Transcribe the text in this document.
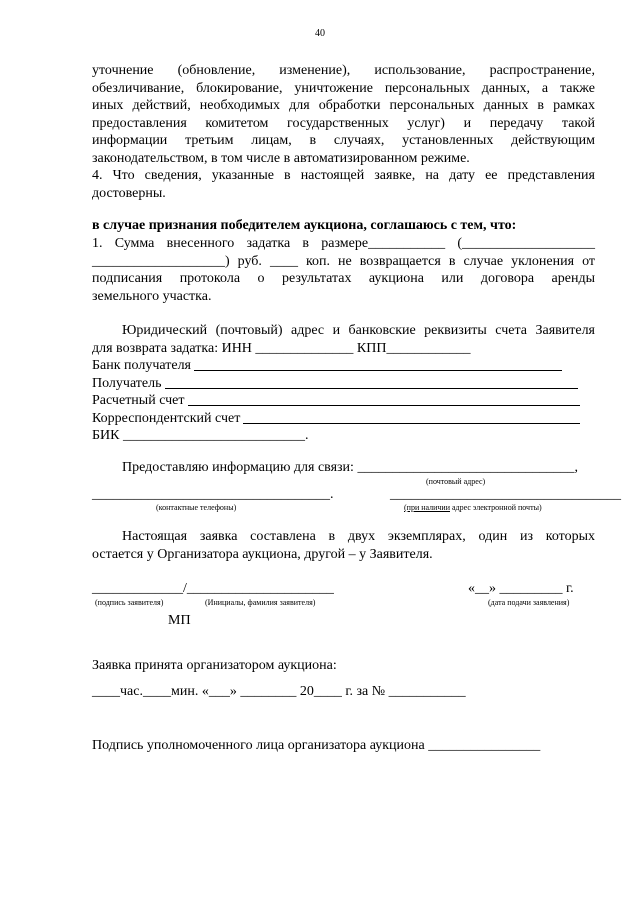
40
уточнение (обновление, изменение), использование, распространение,
обезличивание, блокирование, уничтожение персональных данных, а также
иных действий, необходимых для обработки персональных данных в рамках
предоставления комитетом государственных услуг) и передачу такой
информации третьим лицам, в случаях, установленных действующим
законодательством, в том числе в автоматизированном режиме.
4. Что сведения, указанные в настоящей заявке, на дату ее представления
достоверны.
в случае признания победителем аукциона, соглашаюсь с тем, что:
1. Сумма внесенного задатка в размере___________ (___________________
___________________) руб. ____ коп. не возвращается в случае уклонения от
подписания протокола о результатах аукциона или договора аренды
земельного участка.
Юридический (почтовый) адрес и банковские реквизиты счета Заявителя
для возврата задатка: ИНН ______________ КПП____________
Банк получателя
Получатель
Расчетный счет
Корреспондентский счет
БИК __________________________.
Предоставляю информацию для связи: _______________________________,
(почтовый адрес)
__________________________________.	_________________________________
(контактные телефоны)	(при наличии адрес электронной почты)
Настоящая заявка составлена в двух экземплярах, один из которых
остается у Организатора аукциона, другой – у Заявителя.
_____________/_____________________	«__» _________ г.
(подпись заявителя)	(Инициалы, фамилия заявителя)	(дата подачи заявления)
МП
Заявка принята организатором аукциона:
____час.____мин. «___» ________ 20____ г. за № ___________
Подпись уполномоченного лица организатора аукциона ________________
